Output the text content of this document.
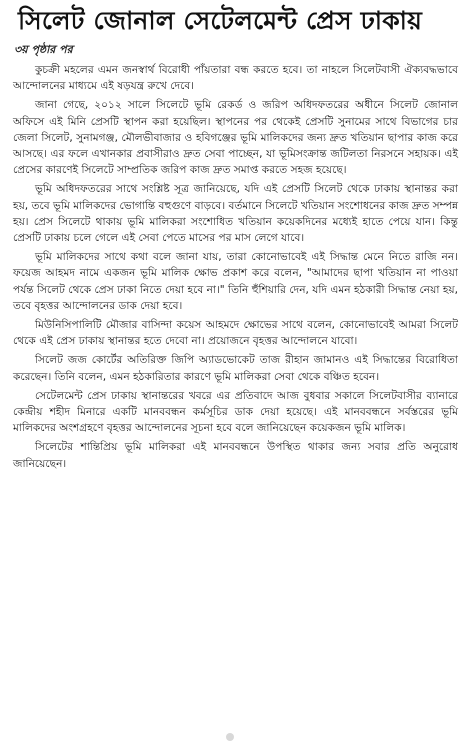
সিলেট জোনাল সেটেলমেন্ট প্রেস ঢাকায়
৩য় পৃষ্ঠার পর

কুচক্রী মহলের এমন জনস্বার্থ বিরোধী পাঁয়তারা বন্ধ করতে হবে। তা নাহলে সিলেটবাসী ঐক্যবদ্ধভাবে আন্দোলনের মাধ্যমে এই ষড়যন্ত্র রুখে দেবে।

জানা গেছে, ২০১২ সালে সিলেটে ভূমি রেকর্ড ও জরিপ অধিদফতরের অধীনে সিলেট জোনাল অফিসে এই মিনি প্রেসটি স্থাপন করা হয়েছিল। স্থাপনের পর থেকেই প্রেসটি সুনামের সাথে বিভাগের চার জেলা সিলেট, সুনামগঞ্জ, মৌলভীবাজার ও হবিগঞ্জের ভূমি মালিকদের জন্য দ্রুত খতিয়ান ছাপার কাজ করে আসছে। এর ফলে এখানকার প্রবাসীরাও দ্রুত সেবা পাচ্ছেন, যা ভূমিসংক্রান্ত জটিলতা নিরসনে সহায়ক। এই প্রেসের কারণেই সিলেটে সাম্প্রতিক জরিপ কাজ দ্রুত সমাপ্ত করতে সহজ হয়েছে।

ভূমি অধিদফতরের সাথে সংশ্লিষ্ট সূত্র জানিয়েছে, যদি এই প্রেসটি সিলেট থেকে ঢাকায় স্থানান্তর করা হয়, তবে ভূমি মালিকদের ভোগান্তি বহুগুণে বাড়বে। বর্তমানে সিলেটে খতিয়ান সংশোধনের কাজ দ্রুত সম্পন্ন হয়। প্রেস সিলেটে থাকায় ভূমি মালিকরা সংশোধিত খতিয়ান কয়েকদিনের মধ্যেই হাতে পেয়ে যান। কিন্তু প্রেসটি ঢাকায় চলে গেলে এই সেবা পেতে মাসের পর মাস লেগে যাবে।

ভূমি মালিকদের সাথে কথা বলে জানা যায়, তারা কোনোভাবেই এই সিদ্ধান্ত মেনে নিতে রাজি নন। ফয়েজ আহমদ নামে একজন ভূমি মালিক ক্ষোভ প্রকাশ করে বলেন, "আমাদের ছাপা খতিয়ান না পাওয়া পর্যন্ত সিলেট থেকে প্রেস ঢাকা নিতে দেয়া হবে না।" তিনি হুঁশিয়ারি দেন, যদি এমন হঠকারী সিদ্ধান্ত নেয়া হয়, তবে বৃহত্তর আন্দোলনের ডাক দেয়া হবে।

মিউনিসিপালিটি মৌজার বাসিন্দা কয়েস আহমদে ক্ষোভের সাথে বলেন, কোনোভাবেই আমরা সিলেট থেকে এই প্রেস ঢাকায় স্থানান্তর হতে দেবো না। প্রয়োজনে বৃহত্তর আন্দোলনে যাবো।

সিলেট জজ কোর্টের অতিরিক্ত জিপি অ্যাডভোকেট তাজ রীহান জামানও এই সিদ্ধান্তের বিরোধিতা করেছেন। তিনি বলেন, এমন হঠকারিতার কারণে ভূমি মালিকরা সেবা থেকে বঞ্চিত হবেন।

সেটেলমেন্ট প্রেস ঢাকায় স্থানান্তরের খবরে এর প্রতিবাদে আজ বুধবার সকালে সিলেটবাসীর ব্যানারে কেন্দ্রীয় শহীদ মিনারে একটি মানববন্ধন কর্মসূচির ডাক দেয়া হয়েছে। এই মানববন্ধনে সর্বস্তরের ভূমি মালিকদের অংশগ্রহণে বৃহত্তর আন্দোলনের সূচনা হবে বলে জানিয়েছেন কয়েকজন ভূমি মালিক।

সিলেটের শান্তিপ্রিয় ভূমি মালিকরা এই মানববন্ধনে উপস্থিত থাকার জন্য সবার প্রতি অনুরোধ জানিয়েছেন।
